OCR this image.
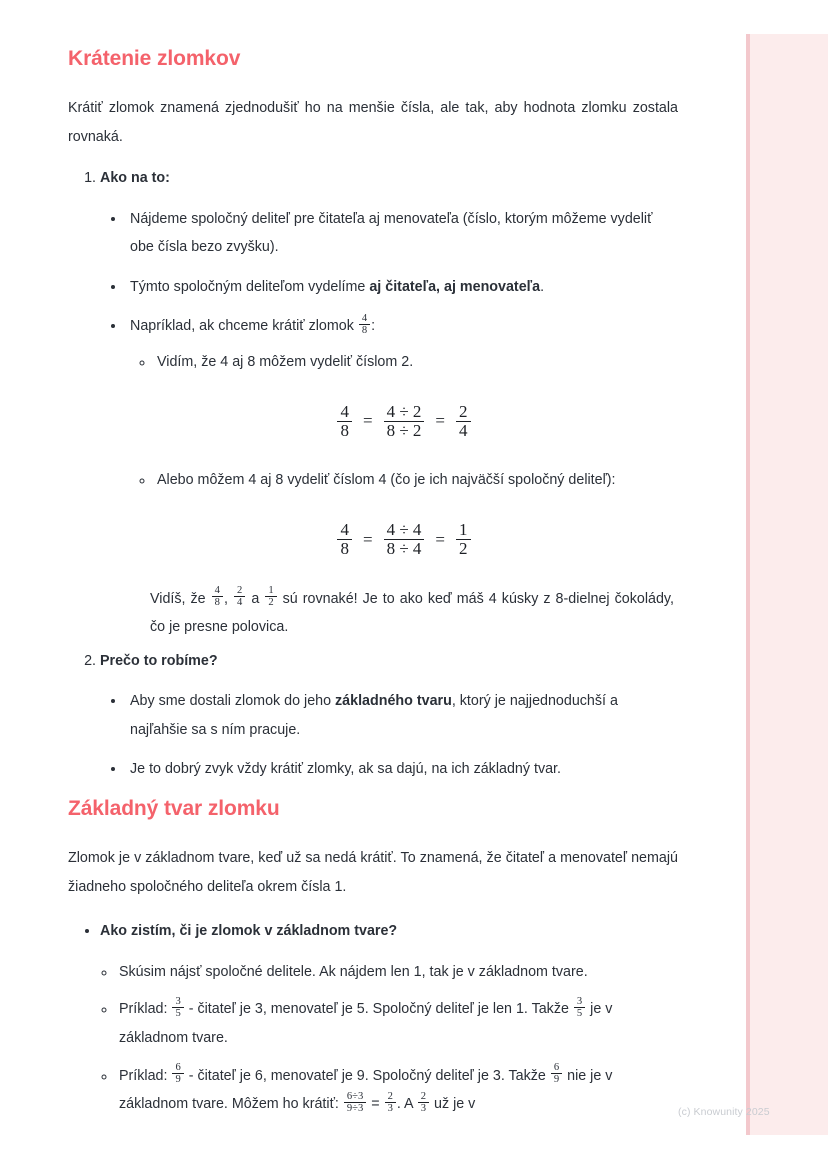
Krátenie zlomkov

Krátiť zlomok znamená zjednodušiť ho na menšie čísla, ale tak, aby hodnota zlomku zostala rovnaká.

1. Ako na to:
• Nájdeme spoločný deliteľ pre čitateľa aj menovateľa (číslo, ktorým môžeme vydeliť obe čísla bezo zvyšku).
• Týmto spoločným deliteľom vydelíme aj čitateľa, aj menovateľa.
• Napríklad, ak chceme krátiť zlomok $\frac{4}{8}$ :
◦ Vidím, že 4 aj 8 môžem vydeliť číslom 2.
$\frac{4}{8} = \frac{4 \div 2}{8 \div 2} = \frac{2}{4}$
◦ Alebo môžem 4 aj 8 vydeliť číslom 4 (čo je ich najväčší spoločný deliteľ):
$\frac{4}{8} = \frac{4 \div 4}{8 \div 4} = \frac{1}{2}$
Vidíš, že $\frac{4}{8}$ , $\frac{2}{4}$ a $\frac{1}{2}$ sú rovnaké! Je to ako keď máš 4 kúsky z 8-dielnej čokolády, čo je presne polovica.
2. Prečo to robíme?
• Aby sme dostali zlomok do jeho základného tvaru, ktorý je najjednoduchší a najľahšie sa s ním pracuje.
• Je to dobrý zvyk vždy krátiť zlomky, ak sa dajú, na ich základný tvar.
Základný tvar zlomku

Zlomok je v základnom tvare, keď už sa nedá krátiť. To znamená, že čitateľ a menovateľ nemajú žiadneho spoločného deliteľa okrem čísla 1.

• Ako zistím, či je zlomok v základnom tvare?
◦ Skúsim nájsť spoločné delitele. Ak nájdem len 1, tak je v základnom tvare.
◦ Príklad: $\frac{3}{5}$ - čitateľ je 3, menovateľ je 5. Spoločný deliteľ je len 1. Takže $\frac{3}{5}$ je v základnom tvare.
◦ Príklad: $\frac{6}{9}$ - čitateľ je 6, menovateľ je 9. Spoločný deliteľ je 3. Takže $\frac{6}{9}$ nie je v základnom tvare. Môžem ho krátiť: $\frac{6\div 3}{9\div 3} = \frac{2}{3}$ . A $\frac{2}{3}$ už je v	(c) Knowunity 2025
